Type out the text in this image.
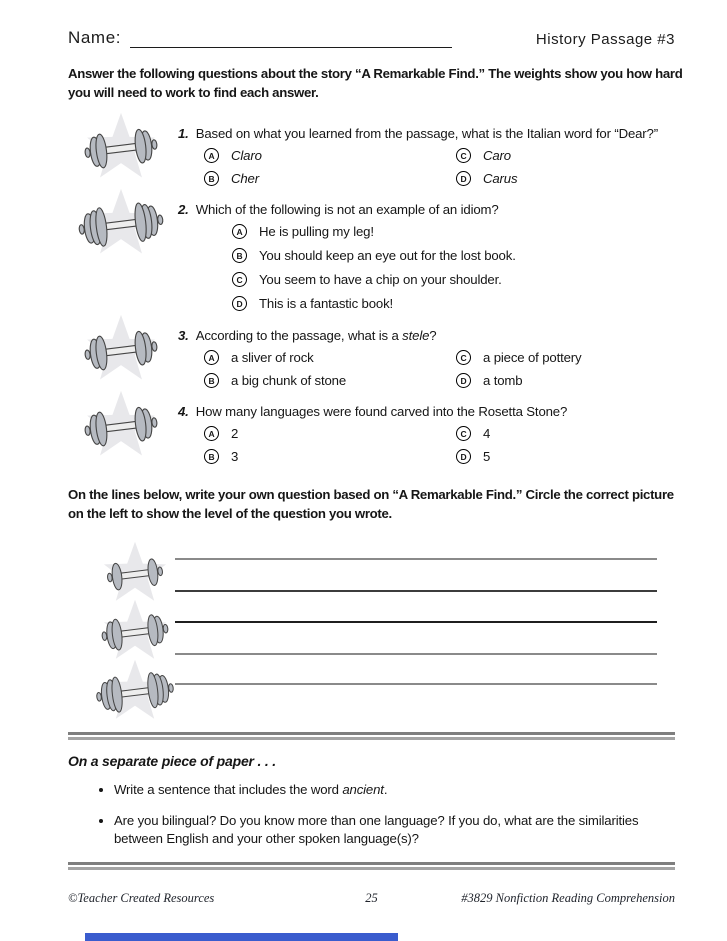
Name:	History Passage #3
Answer the following questions about the story “A Remarkable Find.” The weights show you how hard
you will need to work to find each answer.
1. Based on what you learned from the passage, what is the Italian word for “Dear?”
A	Claro	C	Caro
B	Cher	D	Carus
2. Which of the following is not an example of an idiom?
A	He is pulling my leg!
B	You should keep an eye out for the lost book.
C	You seem to have a chip on your shoulder.
D	This is a fantastic book!
3. According to the passage, what is a stele?
A	a sliver of rock	C	a piece of pottery
B	a big chunk of stone	D	a tomb
4. How many languages were found carved into the Rosetta Stone?
A	2	C	4
B	3	D	5
On the lines below, write your own question based on “A Remarkable Find.” Circle the correct picture
on the left to show the level of the question you wrote.
On a separate piece of paper . . .
• Write a sentence that includes the word ancient.
• Are you bilingual? Do you know more than one language? If you do, what are the similarities
between English and your other spoken language(s)?
©Teacher Created Resources	25	#3829 Nonfiction Reading Comprehension
